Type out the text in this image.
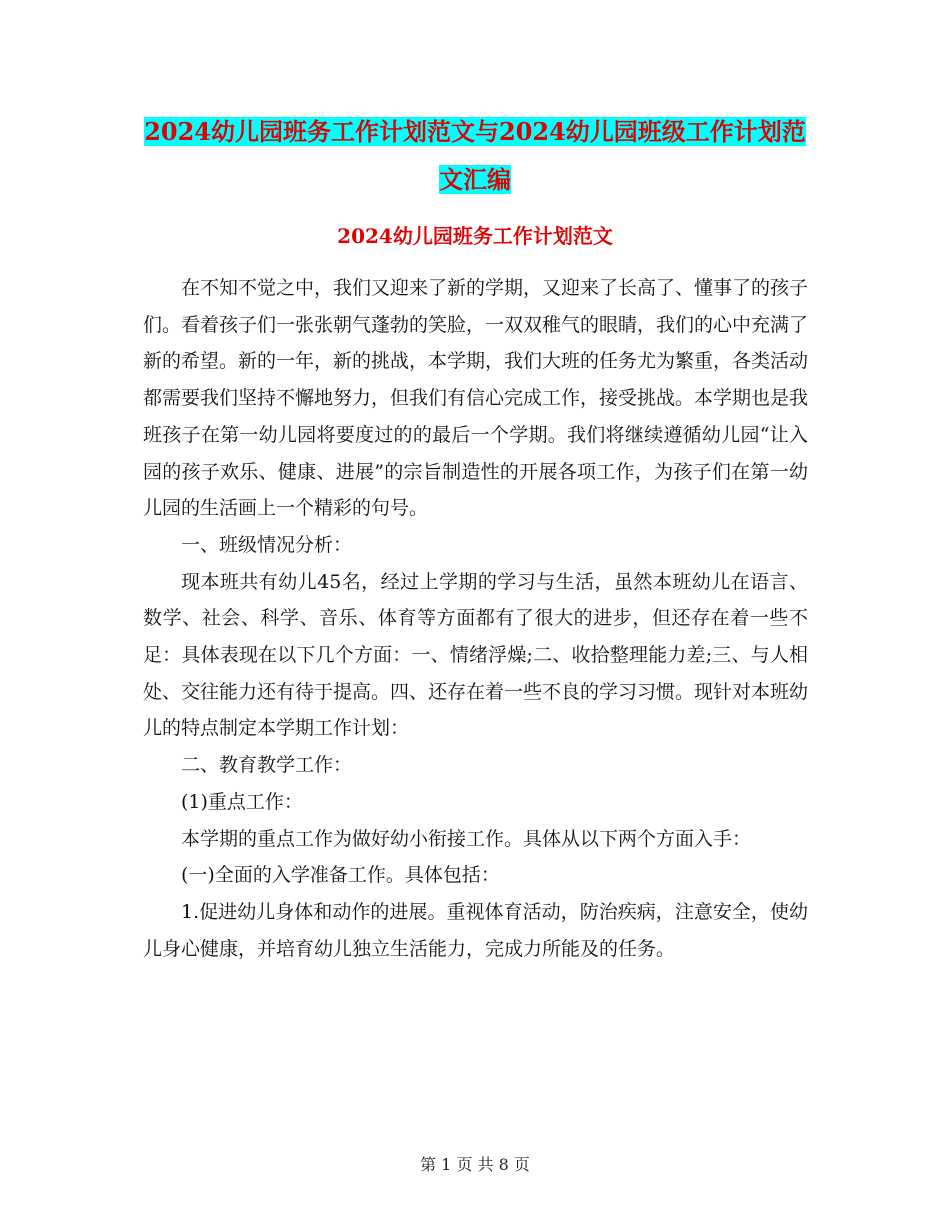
2024幼儿园班务工作计划范文与2024幼儿园班级工作计划范文汇编
2024幼儿园班务工作计划范文

在不知不觉之中，我们又迎来了新的学期，又迎来了长高了、懂事了的孩子们。看着孩子们一张张朝气蓬勃的笑脸，一双双稚气的眼睛，我们的心中充满了新的希望。新的一年，新的挑战，本学期，我们大班的任务尤为繁重，各类活动都需要我们坚持不懈地努力，但我们有信心完成工作，接受挑战。本学期也是我班孩子在第一幼儿园将要度过的的最后一个学期。我们将继续遵循幼儿园“让入园的孩子欢乐、健康、进展”的宗旨制造性的开展各项工作，为孩子们在第一幼儿园的生活画上一个精彩的句号。

一、班级情况分析：

现本班共有幼儿45名，经过上学期的学习与生活，虽然本班幼儿在语言、数学、社会、科学、音乐、体育等方面都有了很大的进步，但还存在着一些不足：具体表现在以下几个方面：一、情绪浮燥;二、收拾整理能力差;三、与人相处、交往能力还有待于提高。四、还存在着一些不良的学习习惯。现针对本班幼儿的特点制定本学期工作计划：

二、教育教学工作：

(1)重点工作：

本学期的重点工作为做好幼小衔接工作。具体从以下两个方面入手：

(一)全面的入学准备工作。具体包括：

1.促进幼儿身体和动作的进展。重视体育活动，防治疾病，注意安全，使幼儿身心健康，并培育幼儿独立生活能力，完成力所能及的任务。

第 1 页 共 8 页
